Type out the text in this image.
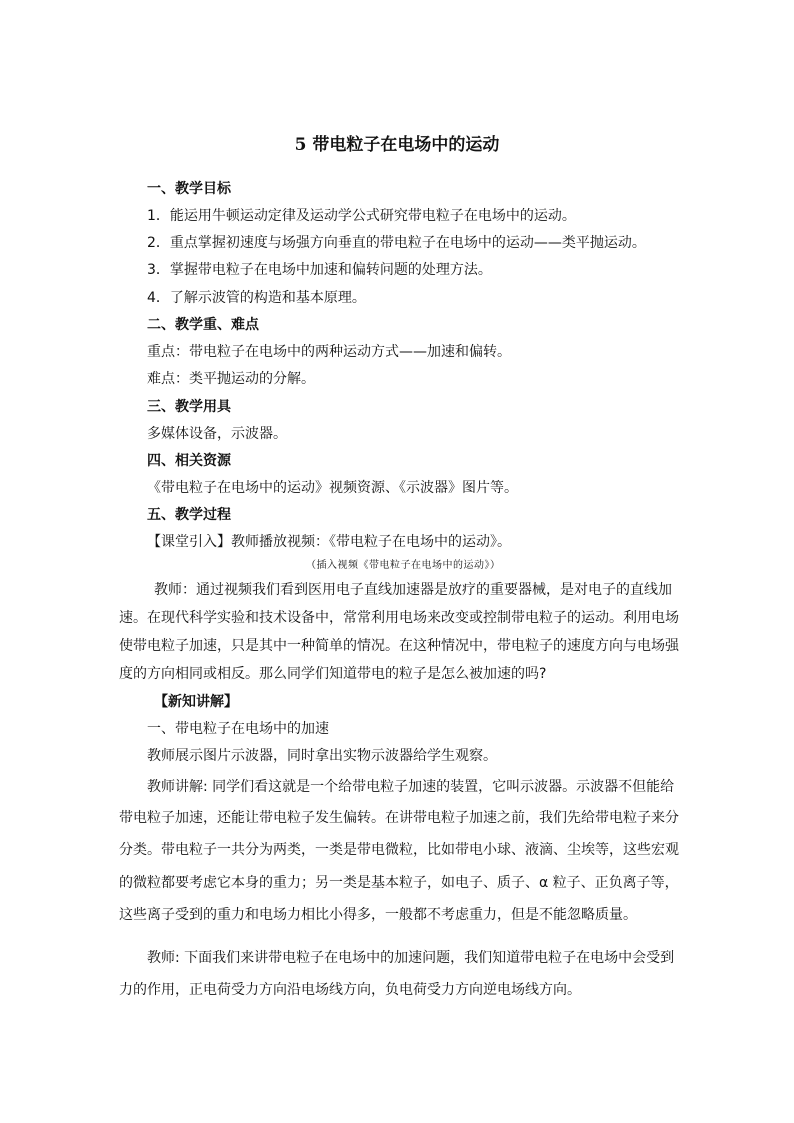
5 带电粒子在电场中的运动
一、教学目标
1．能运用牛顿运动定律及运动学公式研究带电粒子在电场中的运动。
2．重点掌握初速度与场强方向垂直的带电粒子在电场中的运动——类平抛运动。
3．掌握带电粒子在电场中加速和偏转问题的处理方法。
4．了解示波管的构造和基本原理。
二、教学重、难点
重点：带电粒子在电场中的两种运动方式——加速和偏转。
难点：类平抛运动的分解。
三、教学用具
多媒体设备，示波器。
四、相关资源
《带电粒子在电场中的运动》视频资源、《示波器》图片等。
五、教学过程
【课堂引入】教师播放视频：《带电粒子在电场中的运动》。
（插入视频《带电粒子在电场中的运动》）
教师：通过视频我们看到医用电子直线加速器是放疗的重要器械，是对电子的直线加
速。在现代科学实验和技术设备中，常常利用电场来改变或控制带电粒子的运动。利用电场
使带电粒子加速，只是其中一种简单的情况。在这种情况中，带电粒子的速度方向与电场强
度的方向相同或相反。那么同学们知道带电的粒子是怎么被加速的吗?
【新知讲解】
一、带电粒子在电场中的加速
教师展示图片示波器，同时拿出实物示波器给学生观察。
教师讲解: 同学们看这就是一个给带电粒子加速的装置，它叫示波器。示波器不但能给
带电粒子加速，还能让带电粒子发生偏转。在讲带电粒子加速之前，我们先给带电粒子来分
分类。带电粒子一共分为两类，一类是带电微粒，比如带电小球、液滴、尘埃等，这些宏观
的微粒都要考虑它本身的重力；另一类是基本粒子，如电子、质子、α 粒子、正负离子等，
这些离子受到的重力和电场力相比小得多，一般都不考虑重力，但是不能忽略质量。
教师: 下面我们来讲带电粒子在电场中的加速问题，我们知道带电粒子在电场中会受到
力的作用，正电荷受力方向沿电场线方向，负电荷受力方向逆电场线方向。
